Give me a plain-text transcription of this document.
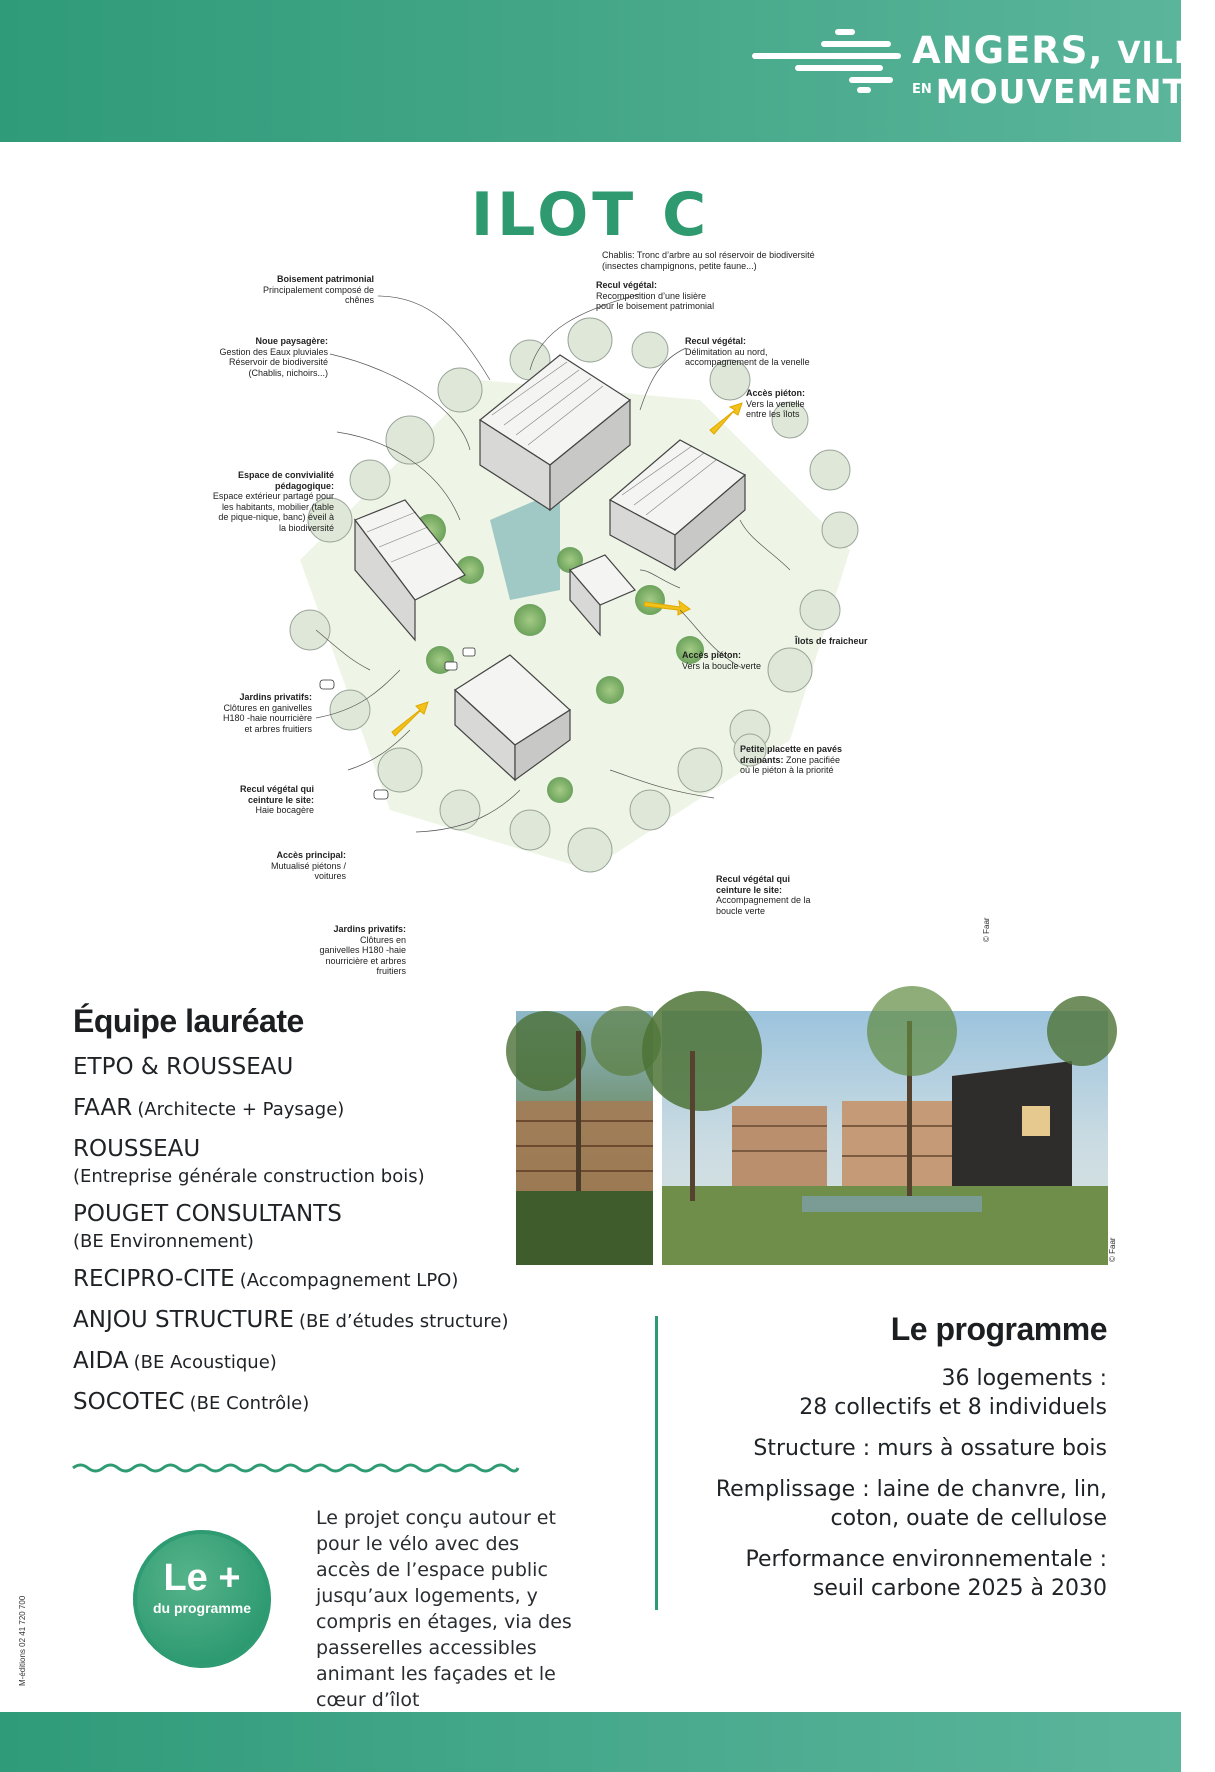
ANGERS, VILLE
EN MOUVEMENT
ILOT C
Chablis: Tronc d’arbre au sol réservoir de biodiversité (insectes champignons, petite faune...)
Boisement patrimonial
Principalement composé de chênes
Recul végétal:
Recomposition d’une lisière pour le boisement patrimonial
Noue paysagère:
Gestion des Eaux pluviales Réservoir de biodiversité (Chablis, nichoirs...)
Recul végétal:
Délimitation au nord, accompagnement de la venelle
Accès piéton:
Vers la venelle entre les îlots
Espace de convivialité pédagogique:
Espace extérieur partagé pour les habitants, mobilier (table de pique-nique, banc) éveil à la biodiversité
Îlots de fraicheur
Accès piéton:
Vers la boucle verte
Jardins privatifs:
Clôtures en ganivelles H180 -haie nourricière et arbres fruitiers
Petite placette en pavés drainants: Zone pacifiée où le piéton à la priorité
Recul végétal qui ceinture le site:
Haie bocagère
Accès principal:
Mutualisé piétons / voitures	Recul végétal qui ceinture le site:
Accompagnement de la boucle verte
Jardins privatifs:
Clôtures en ganivelles H180 -haie nourricière et arbres fruitiers
© Faar
Équipe lauréate
ETPO & ROUSSEAU
FAAR (Architecte + Paysage)
ROUSSEAU
(Entreprise générale construction bois)
POUGET CONSULTANTS
(BE Environnement)
RECIPRO-CITE (Accompagnement LPO)
ANJOU STRUCTURE (BE d’études structure)
AIDA (BE Acoustique)
SOCOTEC (BE Contrôle)
Le +
du programme

Le projet conçu autour et pour le vélo avec des accès de l’espace public jusqu’aux logements, y compris en étages, via des passerelles accessibles animant les façades et le cœur d’îlot

© Faar
Le programme
36 logements :
28 collectifs et 8 individuels
Structure : murs à ossature bois
Remplissage : laine de chanvre, lin,
coton, ouate de cellulose
Performance environnementale :
seuil carbone 2025 à 2030
M-éditions 02 41 720 700
